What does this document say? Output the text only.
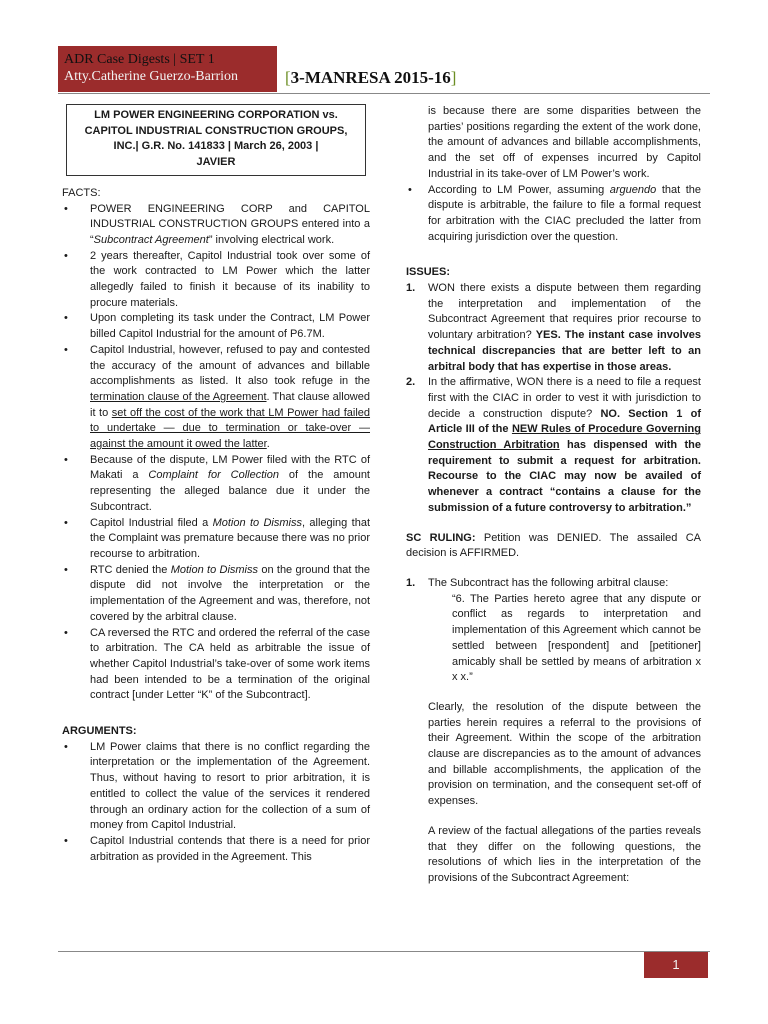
ADR Case Digests | SET 1
Atty.Catherine Guerzo-Barrion	[3-MANRESA 2015-16]
LM POWER ENGINEERING CORPORATION vs. CAPITOL INDUSTRIAL CONSTRUCTION GROUPS, INC.| G.R. No. 141833 | March 26, 2003 |
JAVIER
FACTS:
• POWER ENGINEERING CORP and CAPITOL INDUSTRIAL CONSTRUCTION GROUPS entered into a “Subcontract Agreement” involving electrical work.
• 2 years thereafter, Capitol Industrial took over some of the work contracted to LM Power which the latter allegedly failed to finish it because of its inability to procure materials.
• Upon completing its task under the Contract, LM Power billed Capitol Industrial for the amount of P6.7M.
• Capitol Industrial, however, refused to pay and contested the accuracy of the amount of advances and billable accomplishments as listed. It also took refuge in the termination clause of the Agreement. That clause allowed it to set off the cost of the work that LM Power had failed to undertake — due to termination or take-over — against the amount it owed the latter.
• Because of the dispute, LM Power filed with the RTC of Makati a Complaint for Collection of the amount representing the alleged balance due it under the Subcontract.
• Capitol Industrial filed a Motion to Dismiss, alleging that the Complaint was premature because there was no prior recourse to arbitration.
• RTC denied the Motion to Dismiss on the ground that the dispute did not involve the interpretation or the implementation of the Agreement and was, therefore, not covered by the arbitral clause.
• CA reversed the RTC and ordered the referral of the case to arbitration. The CA held as arbitrable the issue of whether Capitol Industrial’s take-over of some work items had been intended to be a termination of the original contract [under Letter “K” of the Subcontract].
ARGUMENTS:
• LM Power claims that there is no conflict regarding the interpretation or the implementation of the Agreement. Thus, without having to resort to prior arbitration, it is entitled to collect the value of the services it rendered through an ordinary action for the collection of a sum of money from Capitol Industrial.
• Capitol Industrial contends that there is a need for prior arbitration as provided in the Agreement. This
is because there are some disparities between the parties’ positions regarding the extent of the work done, the amount of advances and billable accomplishments, and the set off of expenses incurred by Capitol Industrial in its take-over of LM Power’s work.
• According to LM Power, assuming arguendo that the dispute is arbitrable, the failure to file a formal request for arbitration with the CIAC precluded the latter from acquiring jurisdiction over the question.
ISSUES:
1. WON there exists a dispute between them regarding the interpretation and implementation of the Subcontract Agreement that requires prior recourse to voluntary arbitration? YES. The instant case involves technical discrepancies that are better left to an arbitral body that has expertise in those areas.
2. In the affirmative, WON there is a need to file a request first with the CIAC in order to vest it with jurisdiction to decide a construction dispute? NO. Section 1 of Article III of the NEW Rules of Procedure Governing Construction Arbitration has dispensed with the requirement to submit a request for arbitration. Recourse to the CIAC may now be availed of whenever a contract “contains a clause for the submission of a future controversy to arbitration.”
SC RULING: Petition was DENIED. The assailed CA decision is AFFIRMED.
1. The Subcontract has the following arbitral clause:
“6. The Parties hereto agree that any dispute or conflict as regards to interpretation and implementation of this Agreement which cannot be settled between [respondent] and [petitioner] amicably shall be settled by means of arbitration x x x.”
Clearly, the resolution of the dispute between the parties herein requires a referral to the provisions of their Agreement. Within the scope of the arbitration clause are discrepancies as to the amount of advances and billable accomplishments, the application of the provision on termination, and the consequent set-off of expenses.
A review of the factual allegations of the parties reveals that they differ on the following questions, the resolutions of which lies in the interpretation of the provisions of the Subcontract Agreement:
1
